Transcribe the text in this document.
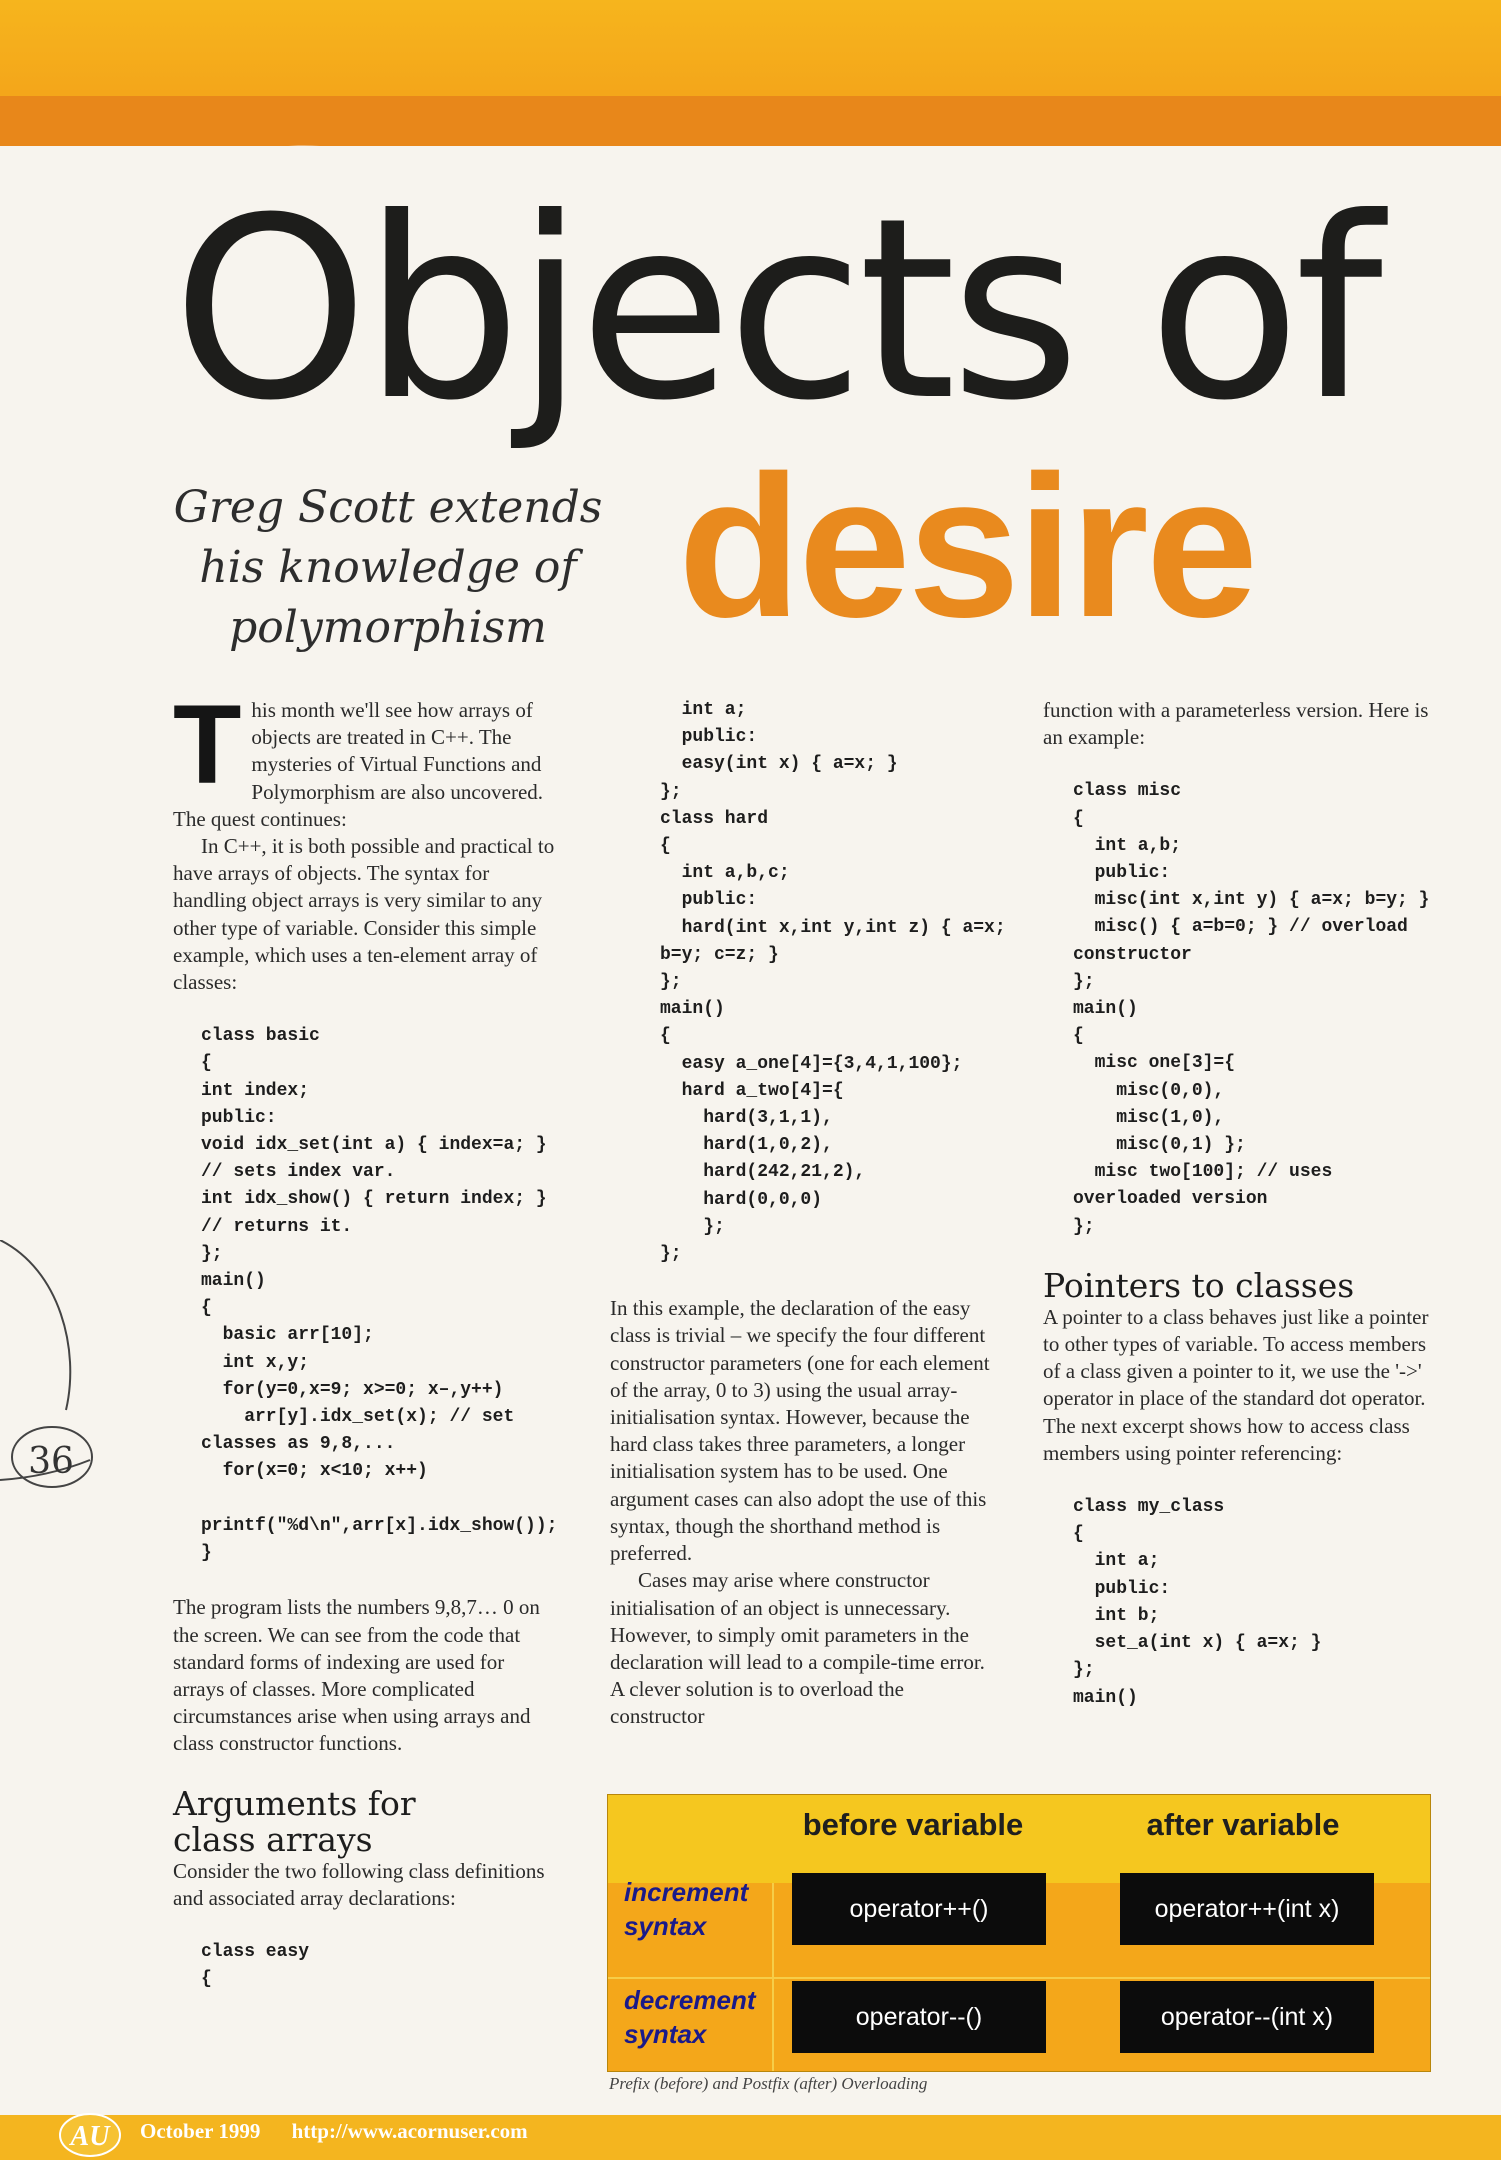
Objects of
desire

Greg Scott extends his knowledge of polymorphism

This month we'll see how arrays of objects are treated in C++. The mysteries of Virtual Functions and Polymorphism are also uncovered. The quest continues:

In C++, it is both possible and practical to have arrays of objects. The syntax for handling object arrays is very similar to any other type of variable. Consider this simple example, which uses a ten-element array of classes:

class basic
{
int index;
public:
void idx_set(int a) { index=a; }
// sets index var.
int idx_show() { return index; }
// returns it.
};
main()
{
basic arr[10];
int x,y;
for(y=0,x=9; x>=0; x–,y++)
arr[y].idx_set(x); // set
classes as 9,8,...
for(x=0; x<10; x++)

printf("%d\n",arr[x].idx_show());
}

The program lists the numbers 9,8,7… 0 on the screen. We can see from the code that standard forms of indexing are used for arrays of classes. More complicated circumstances arise when using arrays and class constructor functions.

Arguments for class arrays

Consider the two following class definitions and associated array declarations:

class easy
{
int a;
public:
easy(int x) { a=x; }
};
class hard
{
int a,b,c;
public:
hard(int x,int y,int z) { a=x;
b=y; c=z; }
};
main()
{
easy a_one[4]={3,4,1,100};
hard a_two[4]={
hard(3,1,1),
hard(1,0,2),
hard(242,21,2),
hard(0,0,0)
};
};

In this example, the declaration of the easy class is trivial – we specify the four different constructor parameters (one for each element of the array, 0 to 3) using the usual array-initialisation syntax. However, because the hard class takes three parameters, a longer initialisation system has to be used. One argument cases can also adopt the use of this syntax, though the shorthand method is preferred.

Cases may arise where constructor initialisation of an object is unnecessary. However, to simply omit parameters in the declaration will lead to a compile-time error. A clever solution is to overload the constructor

function with a parameterless version. Here is an example:

class misc
{
int a,b;
public:
misc(int x,int y) { a=x; b=y; }
misc() { a=b=0; } // overload
constructor
};
main()
{
misc one[3]={
misc(0,0),
misc(1,0),
misc(0,1) };
misc two[100]; // uses
overloaded version
};
Pointers to classes

A pointer to a class behaves just like a pointer to other types of variable. To access members of a class given a pointer to it, we use the '->' operator in place of the standard dot operator. The next excerpt shows how to access class members using pointer referencing:

class my_class
{
int a;
public:
int b;
set_a(int x) { a=x; }
};
main()
36
before variable	after variable
increment syntax
operator++()	operator++(int x)
decrement syntax
operator--()	operator--(int x)
Prefix (before) and Postfix (after) Overloading
AU October 1999 http://www.acornuser.com
